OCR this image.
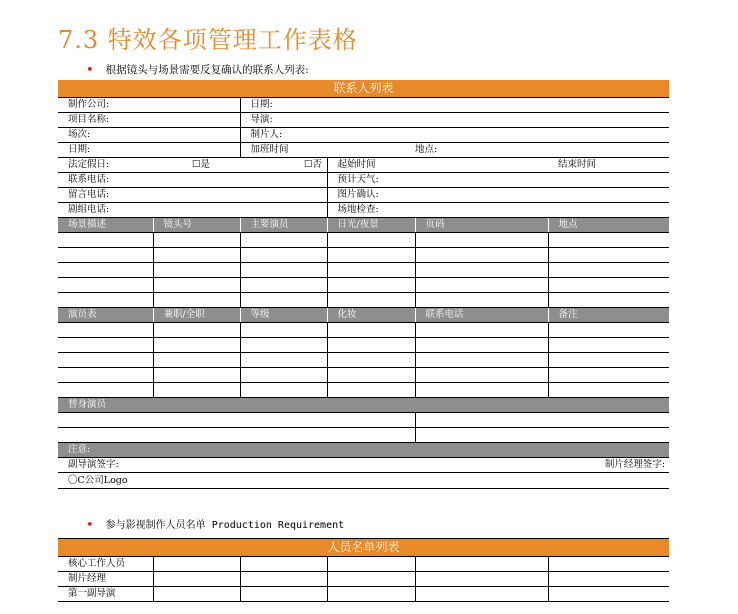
7.3 特效各项管理工作表格
• 根据镜头与场景需要反复确认的联系人列表:
联系人列表					
制作公司:		日期:			
项目名称:		导演:			
场次:		制片人:			
日期:		加班时间		地点:	
法定假日: ☐是 ☐否			起始时间		结束时间
联系电话:			预计天气:		
留言电话:			图片确认:		
剧组电话:			场地检查:		
场景描述	镜头号	主要演员	日光/夜景	页码	地点

演员表	兼职/全职	等级	化妆	联系电话	备注

替身演员					

注意:					
副导演签字:			制片经理签字:		
〇C公司Logo					
• 参与影视制作人员名单 Production Requirement
人员名单列表					
核心工作人员					
制片经理					
第一副导演					
